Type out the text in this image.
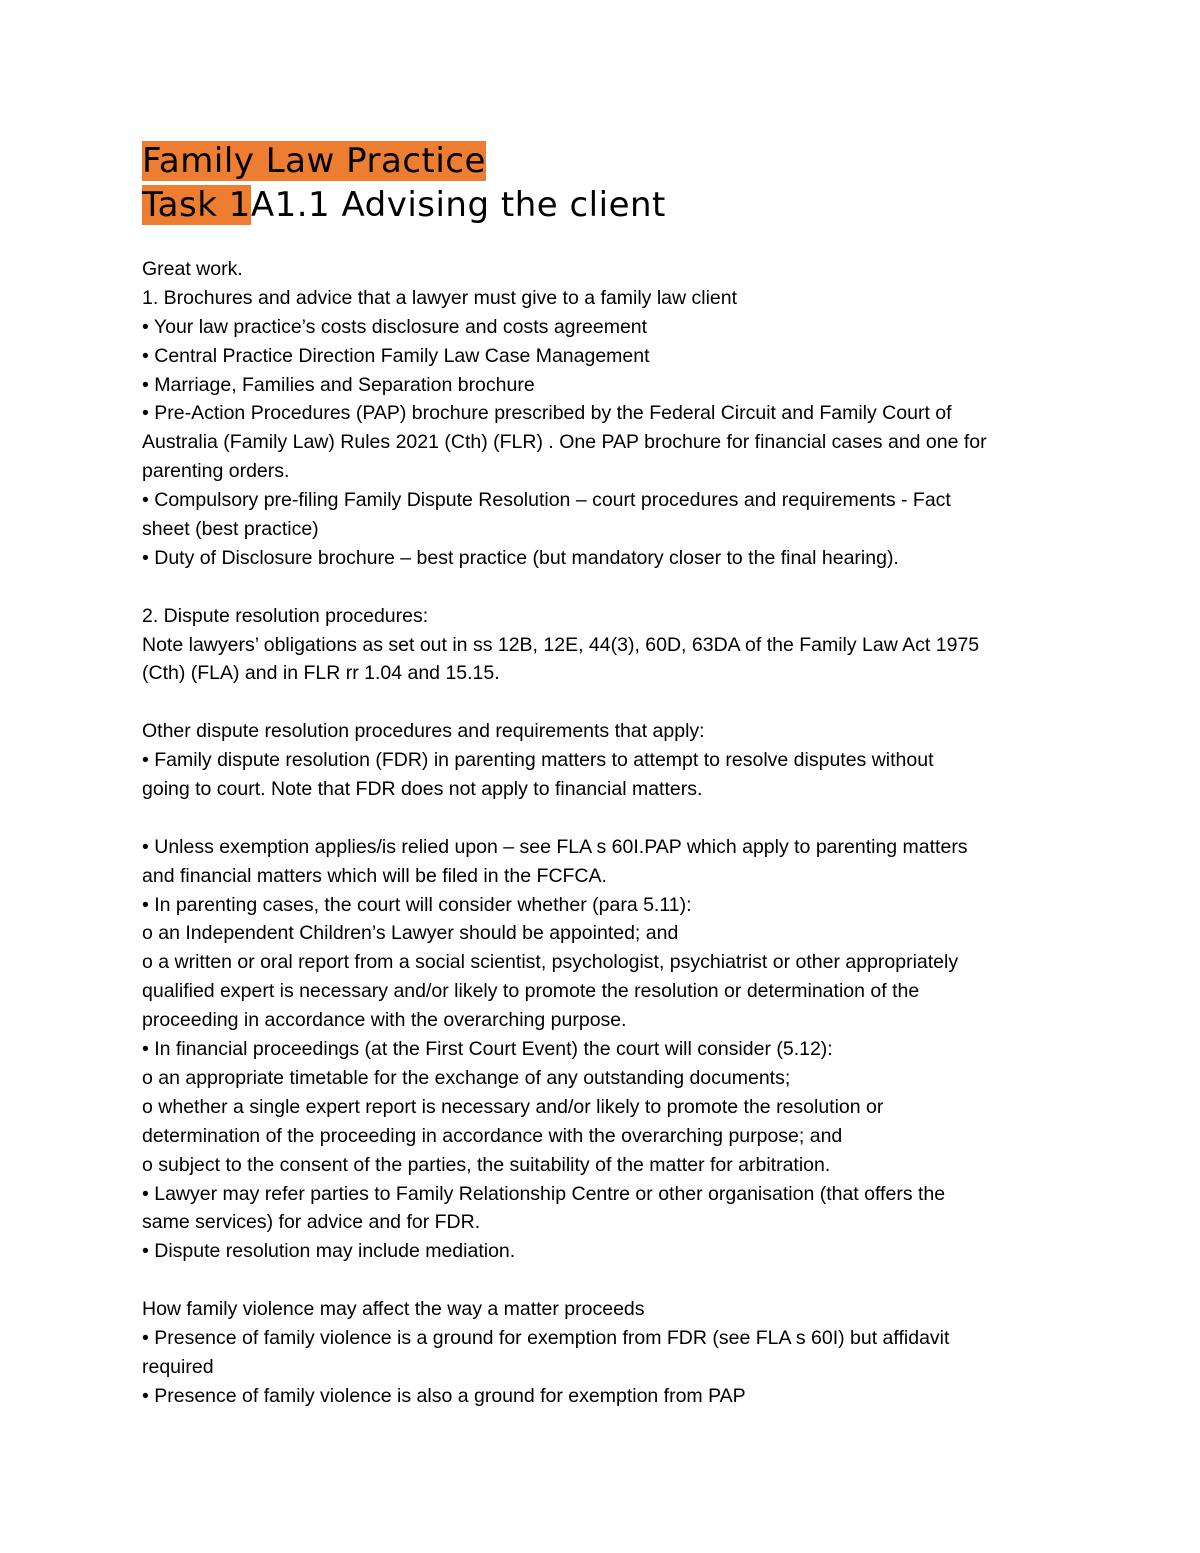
Family Law Practice
Task 1A1.1 Advising the client
Great work.
1. Brochures and advice that a lawyer must give to a family law client
• Your law practice’s costs disclosure and costs agreement
• Central Practice Direction Family Law Case Management
• Marriage, Families and Separation brochure
• Pre-Action Procedures (PAP) brochure prescribed by the Federal Circuit and Family Court of
Australia (Family Law) Rules 2021 (Cth) (FLR) . One PAP brochure for financial cases and one for
parenting orders.
• Compulsory pre-filing Family Dispute Resolution – court procedures and requirements - Fact
sheet (best practice)
• Duty of Disclosure brochure – best practice (but mandatory closer to the final hearing).
2. Dispute resolution procedures:
Note lawyers’ obligations as set out in ss 12B, 12E, 44(3), 60D, 63DA of the Family Law Act 1975
(Cth) (FLA) and in FLR rr 1.04 and 15.15.
Other dispute resolution procedures and requirements that apply:
• Family dispute resolution (FDR) in parenting matters to attempt to resolve disputes without
going to court. Note that FDR does not apply to financial matters.
• Unless exemption applies/is relied upon – see FLA s 60I.PAP which apply to parenting matters
and financial matters which will be filed in the FCFCA.
• In parenting cases, the court will consider whether (para 5.11):
o an Independent Children’s Lawyer should be appointed; and
o a written or oral report from a social scientist, psychologist, psychiatrist or other appropriately
qualified expert is necessary and/or likely to promote the resolution or determination of the
proceeding in accordance with the overarching purpose.
• In financial proceedings (at the First Court Event) the court will consider (5.12):
o an appropriate timetable for the exchange of any outstanding documents;
o whether a single expert report is necessary and/or likely to promote the resolution or
determination of the proceeding in accordance with the overarching purpose; and
o subject to the consent of the parties, the suitability of the matter for arbitration.
• Lawyer may refer parties to Family Relationship Centre or other organisation (that offers the
same services) for advice and for FDR.
• Dispute resolution may include mediation.
How family violence may affect the way a matter proceeds
• Presence of family violence is a ground for exemption from FDR (see FLA s 60I) but affidavit
required
• Presence of family violence is also a ground for exemption from PAP
